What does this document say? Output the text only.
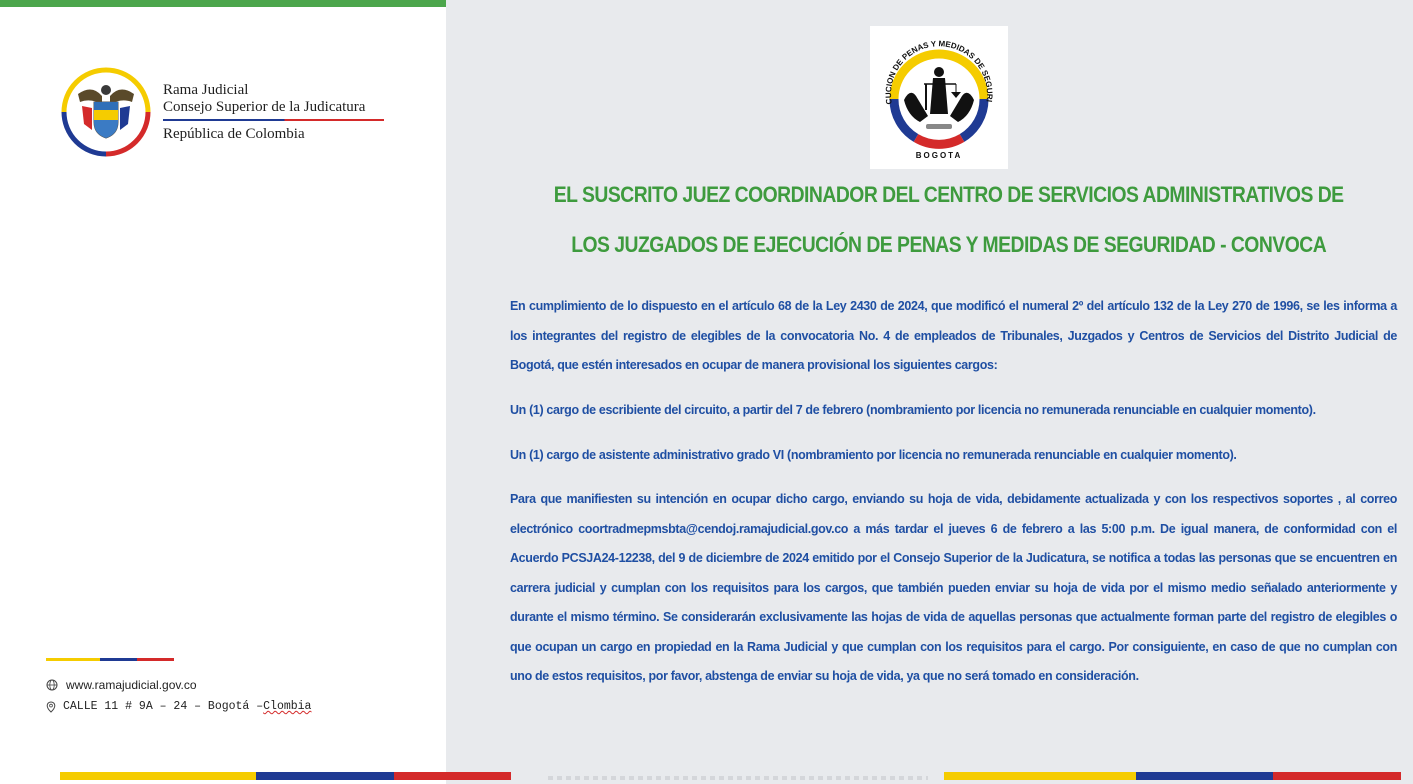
Rama Judicial
Consejo Superior de la Judicatura
República de Colombia
www.ramajudicial.gov.co
CALLE 11 # 9A – 24 – Bogotá – Clombia
CUCION DE PENAS Y MEDIDAS DE SEGURI
BOGOTA
EL SUSCRITO JUEZ COORDINADOR DEL CENTRO DE SERVICIOS ADMINISTRATIVOS DE
LOS JUZGADOS DE EJECUCIÓN DE PENAS Y MEDIDAS DE SEGURIDAD - CONVOCA

En cumplimiento de lo dispuesto en el artículo 68 de la Ley 2430 de 2024, que modificó el numeral 2º del artículo 132 de la Ley 270 de 1996, se les informa a los integrantes del registro de elegibles de la convocatoria No. 4 de empleados de Tribunales, Juzgados y Centros de Servicios del Distrito Judicial de Bogotá, que estén interesados en ocupar de manera provisional los siguientes cargos:

Un (1) cargo de escribiente del circuito, a partir del 7 de febrero (nombramiento por licencia no remunerada renunciable en cualquier momento).

Un (1) cargo de asistente administrativo grado VI (nombramiento por licencia no remunerada renunciable en cualquier momento).

Para que manifiesten su intención en ocupar dicho cargo, enviando su hoja de vida, debidamente actualizada y con los respectivos soportes , al correo electrónico coortradmepmsbta@cendoj.ramajudicial.gov.co a más tardar el jueves 6 de febrero a las 5:00 p.m. De igual manera, de conformidad con el Acuerdo PCSJA24-12238, del 9 de diciembre de 2024 emitido por el Consejo Superior de la Judicatura, se notifica a todas las personas que se encuentren en carrera judicial y cumplan con los requisitos para los cargos, que también pueden enviar su hoja de vida por el mismo medio señalado anteriormente y durante el mismo término. Se considerarán exclusivamente las hojas de vida de aquellas personas que actualmente forman parte del registro de elegibles o que ocupan un cargo en propiedad en la Rama Judicial y que cumplan con los requisitos para el cargo. Por consiguiente, en caso de que no cumplan con uno de estos requisitos, por favor, abstenga de enviar su hoja de vida, ya que no será tomado en consideración.
